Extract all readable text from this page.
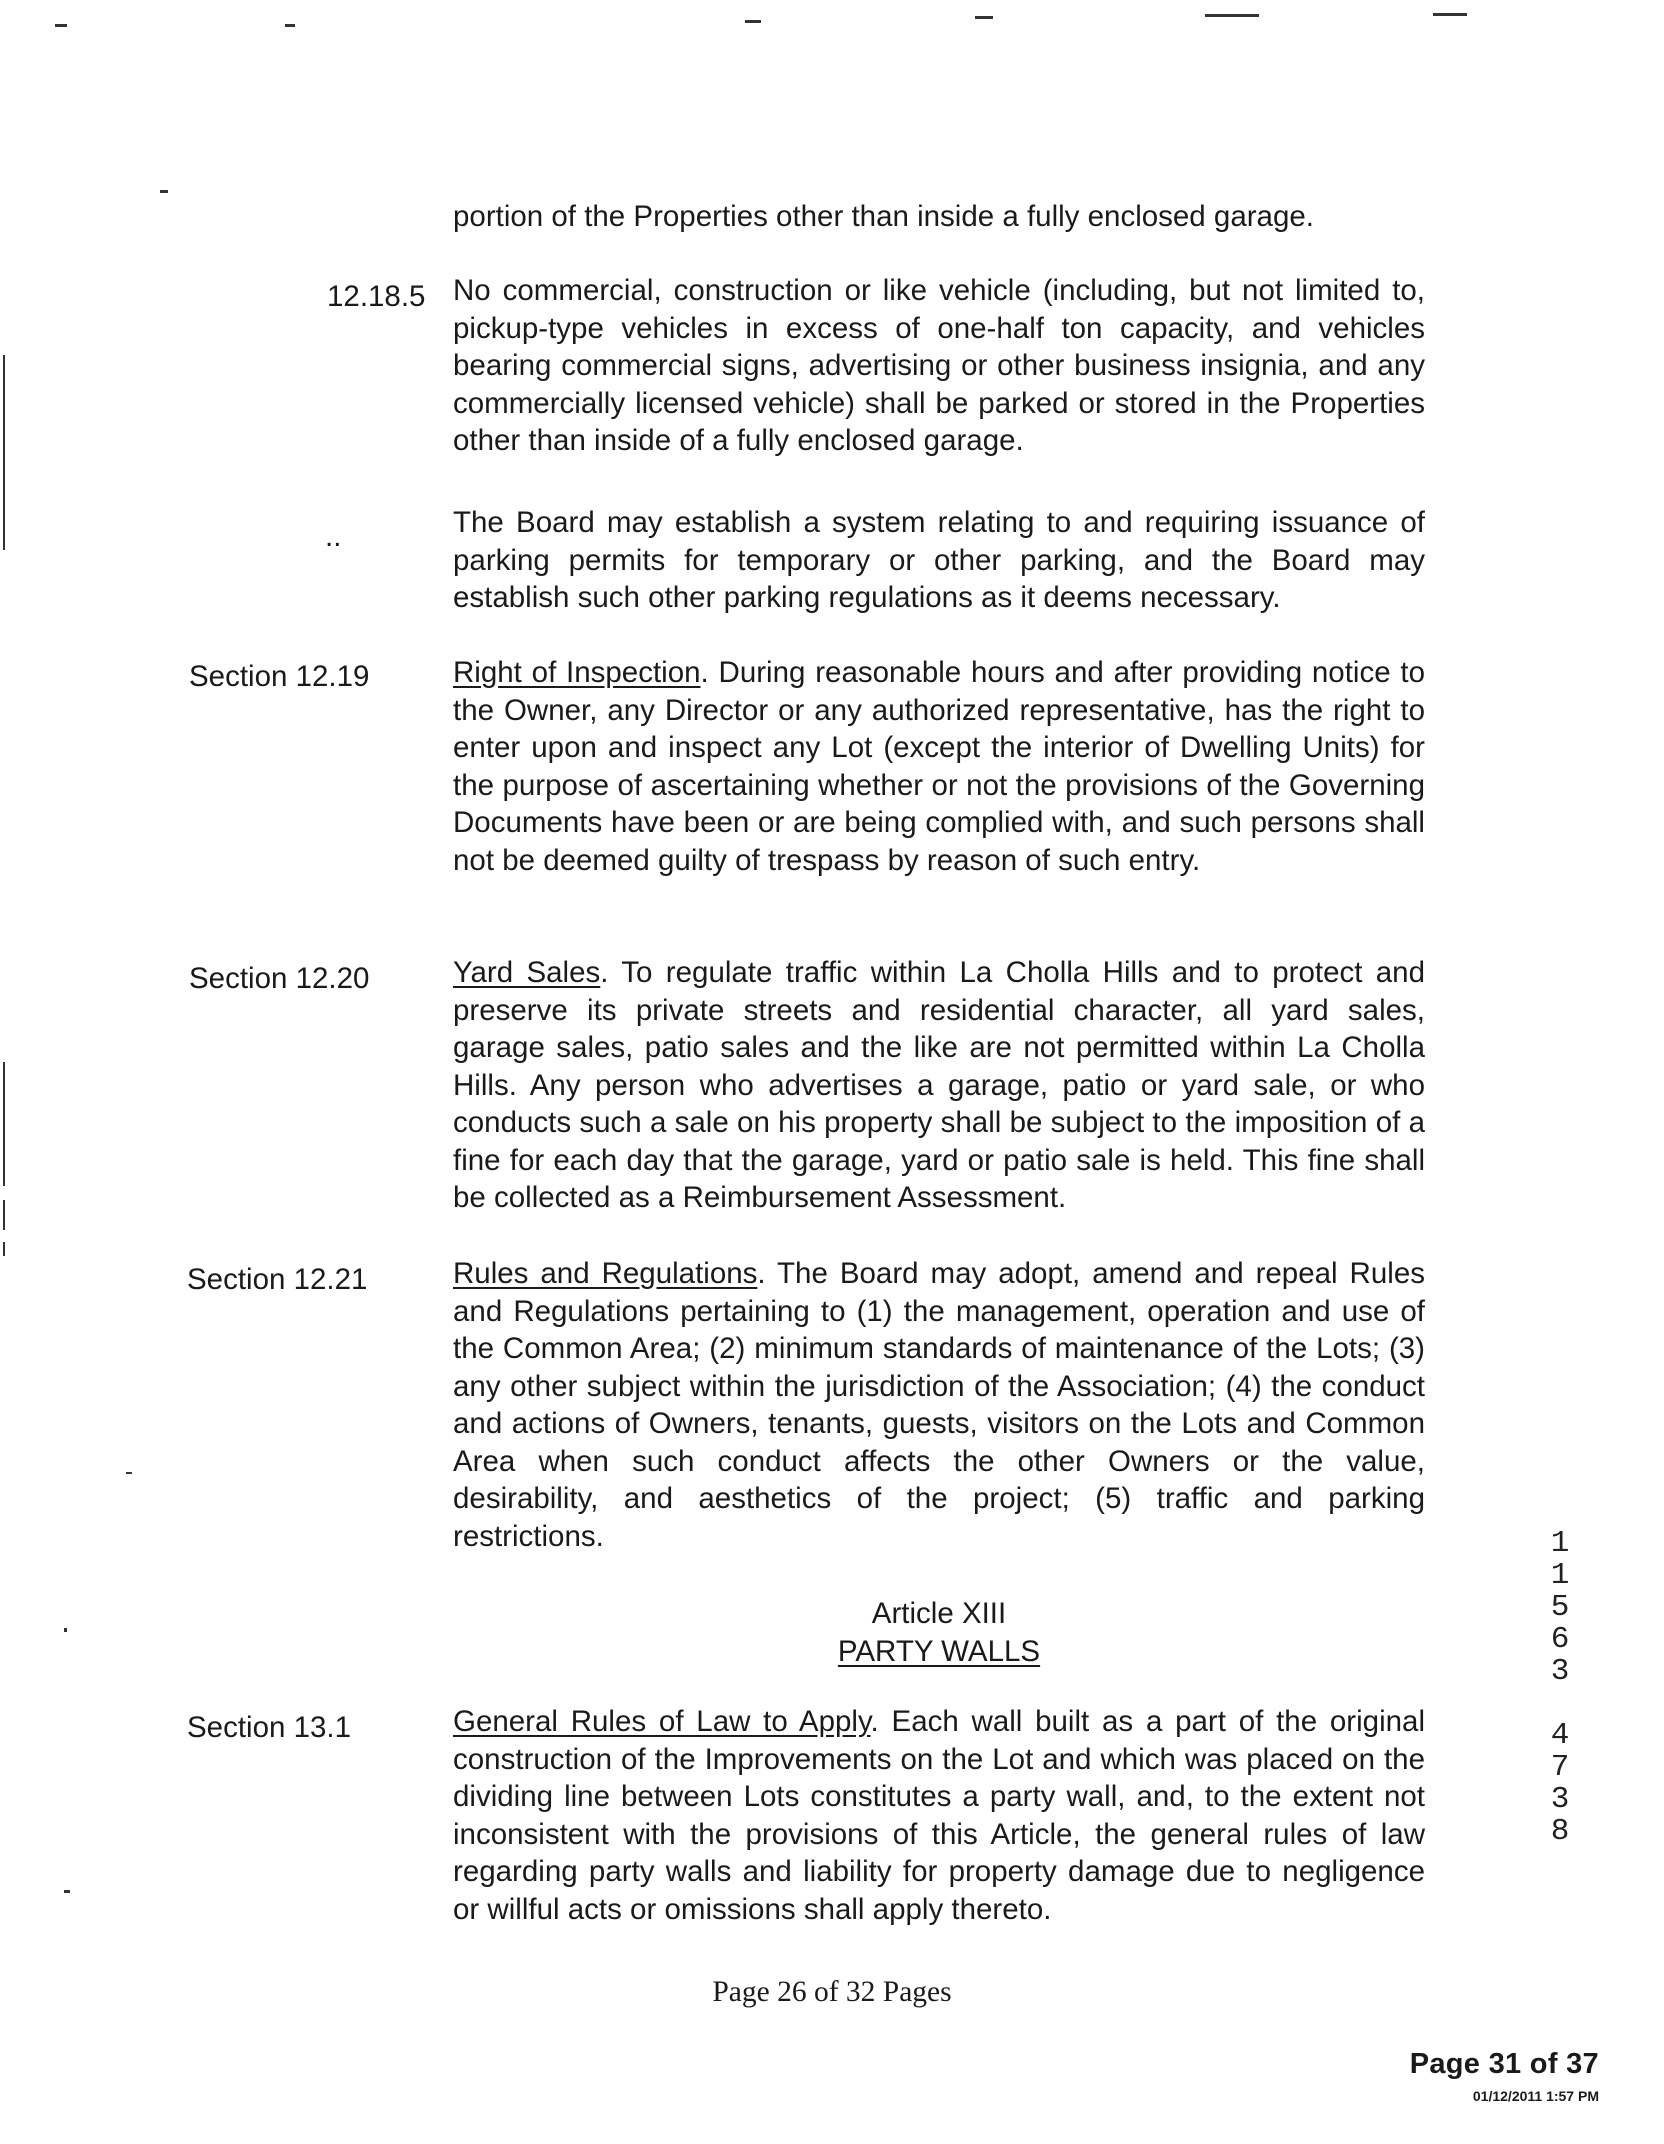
portion of the Properties other than inside a fully enclosed garage.
12.18.5 No commercial, construction or like vehicle (including, but not limited to, pickup-type vehicles in excess of one-half ton capacity, and vehicles bearing commercial signs, advertising or other business insignia, and any commercially licensed vehicle) shall be parked or stored in the Properties other than inside of a fully enclosed garage.
..	The Board may establish a system relating to and requiring issuance of parking permits for temporary or other parking, and the Board may establish such other parking regulations as it deems necessary.
Section 12.19	Right of Inspection. During reasonable hours and after providing notice to the Owner, any Director or any authorized representative, has the right to enter upon and inspect any Lot (except the interior of Dwelling Units) for the purpose of ascertaining whether or not the provisions of the Governing Documents have been or are being complied with, and such persons shall not be deemed guilty of trespass by reason of such entry.
Section 12.20	Yard Sales. To regulate traffic within La Cholla Hills and to protect and preserve its private streets and residential character, all yard sales, garage sales, patio sales and the like are not permitted within La Cholla Hills. Any person who advertises a garage, patio or yard sale, or who conducts such a sale on his property shall be subject to the imposition of a fine for each day that the garage, yard or patio sale is held. This fine shall be collected as a Reimbursement Assessment.
Section 12.21	Rules and Regulations. The Board may adopt, amend and repeal Rules and Regulations pertaining to (1) the management, operation and use of the Common Area; (2) minimum standards of maintenance of the Lots; (3) any other subject within the jurisdiction of the Association; (4) the conduct and actions of Owners, tenants, guests, visitors on the Lots and Common Area when such conduct affects the other Owners or the value, desirability, and aesthetics of the project; (5) traffic and parking restrictions.
Article XIII
PARTY WALLS
Section 13.1	General Rules of Law to Apply. Each wall built as a part of the original construction of the Improvements on the Lot and which was placed on the dividing line between Lots constitutes a party wall, and, to the extent not inconsistent with the provisions of this Article, the general rules of law regarding party walls and liability for property damage due to negligence or willful acts or omissions shall apply thereto.
1
1
5
6
3
4
7
3
8
Page 26 of 32 Pages
Page 31 of 37
01/12/2011 1:57 PM
